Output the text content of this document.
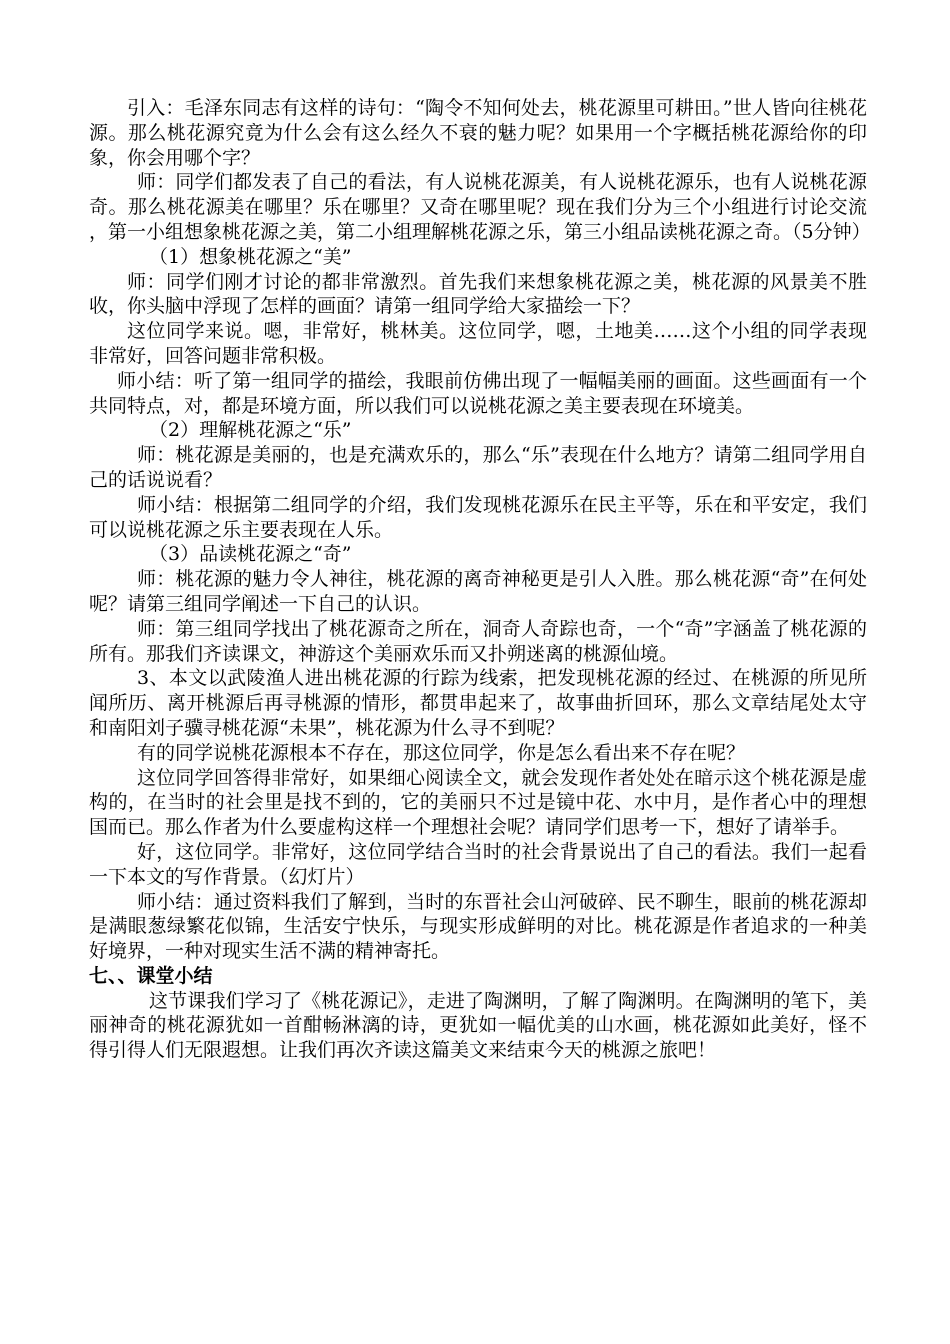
引入：毛泽东同志有这样的诗句：“陶令不知何处去，桃花源里可耕田。”世人皆向往桃花源。那么桃花源究竟为什么会有这么经久不衰的魅力呢？如果用一个字概括桃花源给你的印象，你会用哪个字？

师：同学们都发表了自己的看法，有人说桃花源美，有人说桃花源乐，也有人说桃花源奇。那么桃花源美在哪里？乐在哪里？又奇在哪里呢？现在我们分为三个小组进行讨论交流，第一小组想象桃花源之美，第二小组理解桃花源之乐，第三小组品读桃花源之奇。（5分钟）

（1）想象桃花源之“美”

师：同学们刚才讨论的都非常激烈。首先我们来想象桃花源之美，桃花源的风景美不胜收，你头脑中浮现了怎样的画面？请第一组同学给大家描绘一下？

这位同学来说。嗯，非常好，桃林美。这位同学，嗯，土地美……这个小组的同学表现非常好，回答问题非常积极。

师小结：听了第一组同学的描绘，我眼前仿佛出现了一幅幅美丽的画面。这些画面有一个共同特点，对，都是环境方面，所以我们可以说桃花源之美主要表现在环境美。

（2）理解桃花源之“乐”

师：桃花源是美丽的，也是充满欢乐的，那么“乐”表现在什么地方？请第二组同学用自己的话说说看？

师小结：根据第二组同学的介绍，我们发现桃花源乐在民主平等，乐在和平安定，我们可以说桃花源之乐主要表现在人乐。

（3）品读桃花源之“奇”

师：桃花源的魅力令人神往，桃花源的离奇神秘更是引人入胜。那么桃花源“奇”在何处呢？请第三组同学阐述一下自己的认识。

师：第三组同学找出了桃花源奇之所在，洞奇人奇踪也奇，一个“奇”字涵盖了桃花源的所有。那我们齐读课文，神游这个美丽欢乐而又扑朔迷离的桃源仙境。

3、本文以武陵渔人进出桃花源的行踪为线索，把发现桃花源的经过、在桃源的所见所闻所历、离开桃源后再寻桃源的情形，都贯串起来了，故事曲折回环，那么文章结尾处太守和南阳刘子骥寻桃花源“未果”，桃花源为什么寻不到呢？

有的同学说桃花源根本不存在，那这位同学，你是怎么看出来不存在呢？

这位同学回答得非常好，如果细心阅读全文，就会发现作者处处在暗示这个桃花源是虚构的，在当时的社会里是找不到的，它的美丽只不过是镜中花、水中月，是作者心中的理想国而已。那么作者为什么要虚构这样一个理想社会呢？请同学们思考一下，想好了请举手。

好，这位同学。非常好，这位同学结合当时的社会背景说出了自己的看法。我们一起看一下本文的写作背景。（幻灯片）

师小结：通过资料我们了解到，当时的东晋社会山河破碎、民不聊生，眼前的桃花源却是满眼葱绿繁花似锦，生活安宁快乐，与现实形成鲜明的对比。桃花源是作者追求的一种美好境界，一种对现实生活不满的精神寄托。

七、、课堂小结

这节课我们学习了《桃花源记》，走进了陶渊明，了解了陶渊明。在陶渊明的笔下，美丽神奇的桃花源犹如一首酣畅淋漓的诗，更犹如一幅优美的山水画，桃花源如此美好，怪不得引得人们无限遐想。让我们再次齐读这篇美文来结束今天的桃源之旅吧！
